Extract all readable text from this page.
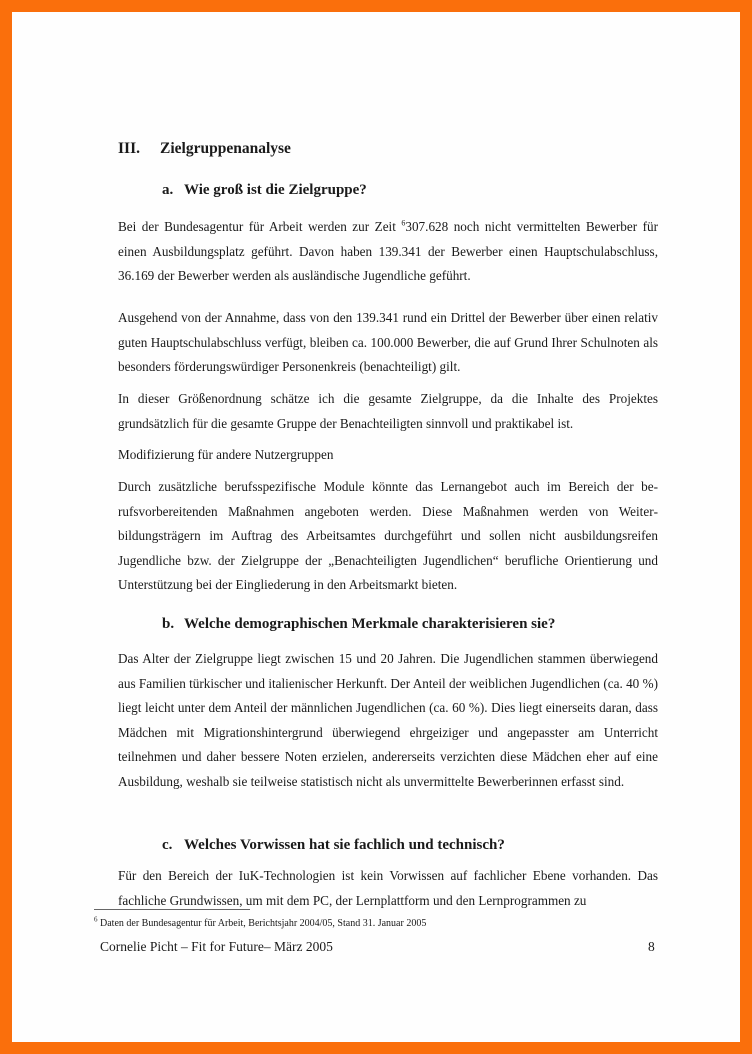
III. Zielgruppenanalyse
a. Wie groß ist die Zielgruppe?

Bei der Bundesagentur für Arbeit werden zur Zeit $^6$307.628 noch nicht vermittelten Bewerber für einen Ausbildungsplatz geführt. Davon haben 139.341 der Bewerber einen Hauptschulabschluss, 36.169 der Bewerber werden als ausländische Jugendliche geführt.

Ausgehend von der Annahme, dass von den 139.341 rund ein Drittel der Bewerber über einen relativ guten Hauptschulabschluss verfügt, bleiben ca. 100.000 Bewerber, die auf Grund Ihrer Schulnoten als besonders förderungswürdiger Personenkreis (benachteiligt) gilt.

In dieser Größenordnung schätze ich die gesamte Zielgruppe, da die Inhalte des Projektes grundsätzlich für die gesamte Gruppe der Benachteiligten sinnvoll und praktikabel ist.

Modifizierung für andere Nutzergruppen

Durch zusätzliche berufsspezifische Module könnte das Lernangebot auch im Bereich der berufsvorbereitenden Maßnahmen angeboten werden. Diese Maßnahmen werden von Weiterbildungsträgern im Auftrag des Arbeitsamtes durchgeführt und sollen nicht ausbildungsreifen Jugendliche bzw. der Zielgruppe der „Benachteiligten Jugendlichen“ berufliche Orientierung und Unterstützung bei der Eingliederung in den Arbeitsmarkt bieten.

b. Welche demographischen Merkmale charakterisieren sie?

Das Alter der Zielgruppe liegt zwischen 15 und 20 Jahren. Die Jugendlichen stammen überwiegend aus Familien türkischer und italienischer Herkunft. Der Anteil der weiblichen Jugendlichen (ca. 40 %) liegt leicht unter dem Anteil der männlichen Jugendlichen (ca. 60 %). Dies liegt einerseits daran, dass Mädchen mit Migrationshintergrund überwiegend ehrgeiziger und angepasster am Unterricht teilnehmen und daher bessere Noten erzielen, andererseits verzichten diese Mädchen eher auf eine Ausbildung, weshalb sie teilweise statistisch nicht als unvermittelte Bewerberinnen erfasst sind.

c. Welches Vorwissen hat sie fachlich und technisch?

Für den Bereich der IuK-Technologien ist kein Vorwissen auf fachlicher Ebene vorhanden. Das fachliche Grundwissen, um mit dem PC, der Lernplattform und den Lernprogrammen zu

$^6$ Daten der Bundesagentur für Arbeit, Berichtsjahr 2004/05, Stand 31. Januar 2005
Cornelie Picht – Fit for Future– März 2005	8
